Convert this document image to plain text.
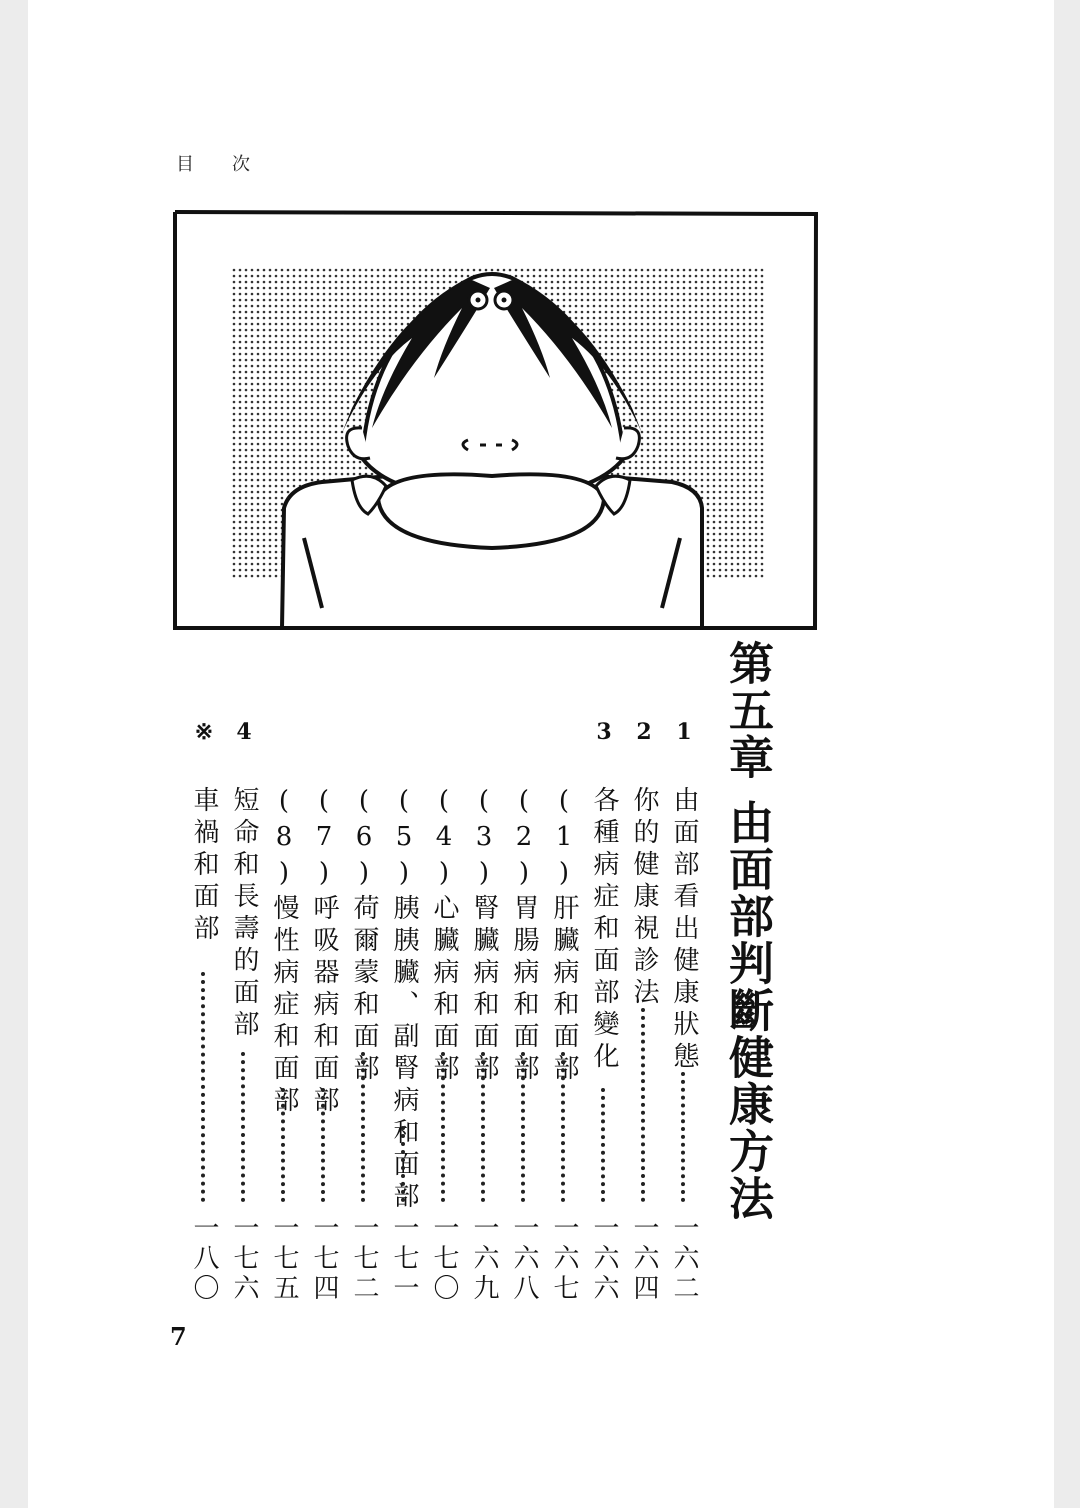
目次
第五章 由面部判斷健康方法
1
由面部看出健康狀態
一六二
2
你的健康視診法
一六四
3
各種病症和面部變化
一六六
(1)肝臟病和面部
一六七
(2)胃腸病和面部
一六八
(3)腎臟病和面部
一六九
(4)心臟病和面部
一七〇
(5)胰胰臟、副腎病和面部
一七一
(6)荷爾蒙和面部
一七二
(7)呼吸器病和面部
一七四
(8)慢性病症和面部
一七五
4
短命和長壽的面部
一七六
※
車禍和面部
一八〇
7
